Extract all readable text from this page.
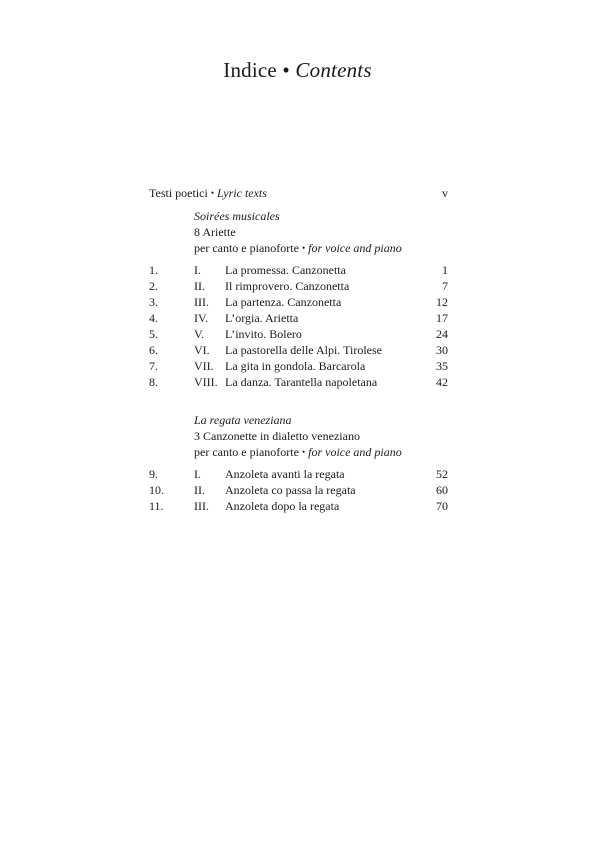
Indice • Contents
Testi poetici • Lyric texts	v
Soirées musicales
8 Ariette
per canto e pianoforte • for voice and piano
1.	I. La promessa. Canzonetta	1
2.	II. Il rimprovero. Canzonetta	7
3.	III. La partenza. Canzonetta	12
4.	IV. L’orgia. Arietta	17
5.	V. L’invito. Bolero	24
6.	VI. La pastorella delle Alpi. Tirolese	30
7.	VII. La gita in gondola. Barcarola	35
8.	VIII. La danza. Tarantella napoletana	42
La regata veneziana
3 Canzonette in dialetto veneziano
per canto e pianoforte • for voice and piano
9.	I. Anzoleta avanti la regata	52
10.	II. Anzoleta co passa la regata	60
11.	III. Anzoleta dopo la regata	70
